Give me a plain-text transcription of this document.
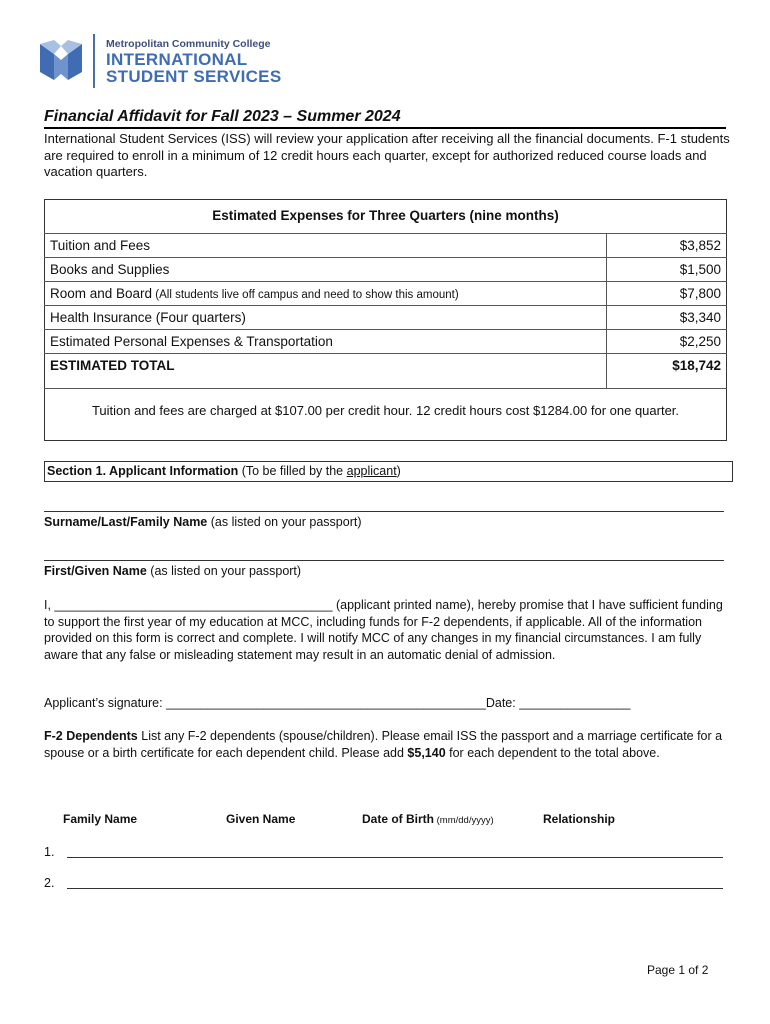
Metropolitan Community College
INTERNATIONAL
STUDENT SERVICES
Financial Affidavit for Fall 2023 – Summer 2024
International Student Services (ISS) will review your application after receiving all the financial documents. F-1 students are required to enroll in a minimum of 12 credit hours each quarter, except for authorized reduced course loads and vacation quarters.
Estimated Expenses for Three Quarters (nine months)
Tuition and Fees	$3,852
Books and Supplies	$1,500
Room and Board (All students live off campus and need to show this amount)	$7,800
Health Insurance (Four quarters)	$3,340
Estimated Personal Expenses & Transportation	$2,250
ESTIMATED TOTAL	$18,742
Tuition and fees are charged at $107.00 per credit hour. 12 credit hours cost $1284.00 for one quarter.
Section 1. Applicant Information (To be filled by the applicant)
Surname/Last/Family Name (as listed on your passport)
First/Given Name (as listed on your passport)
I, ________________________________________ (applicant printed name), hereby promise that I have sufficient funding to support the first year of my education at MCC, including funds for F-2 dependents, if applicable. All of the information provided on this form is correct and complete. I will notify MCC of any changes in my financial circumstances. I am fully aware that any false or misleading statement may result in an automatic denial of admission.
Applicant’s signature: ______________________________________________Date: ________________
F-2 Dependents List any F-2 dependents (spouse/children). Please email ISS the passport and a marriage certificate for a spouse or a birth certificate for each dependent child. Please add $5,140 for each dependent to the total above.
Family Name	Given Name	Date of Birth (mm/dd/yyyy)	Relationship
1.
2.
Page 1 of 2
